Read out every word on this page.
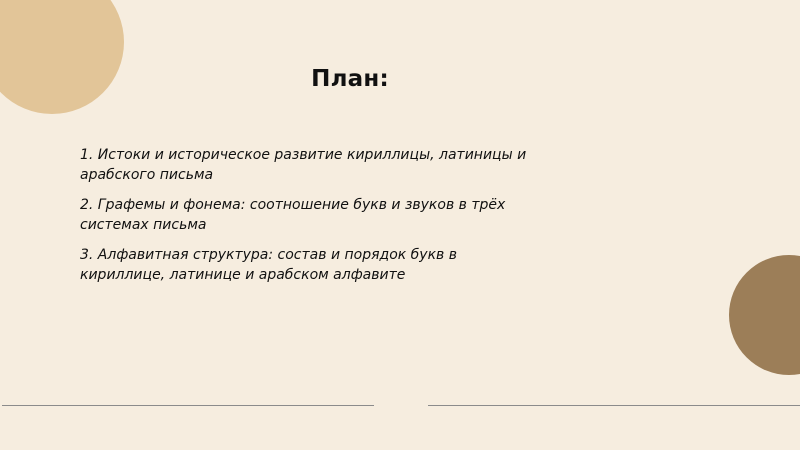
План:
1. Истоки и историческое развитие кириллицы, латиницы и
арабского письма
2. Графемы и фонема: соотношение букв и звуков в трёх
системах письма
3. Алфавитная структура: состав и порядок букв в
кириллице, латинице и арабском алфавите
